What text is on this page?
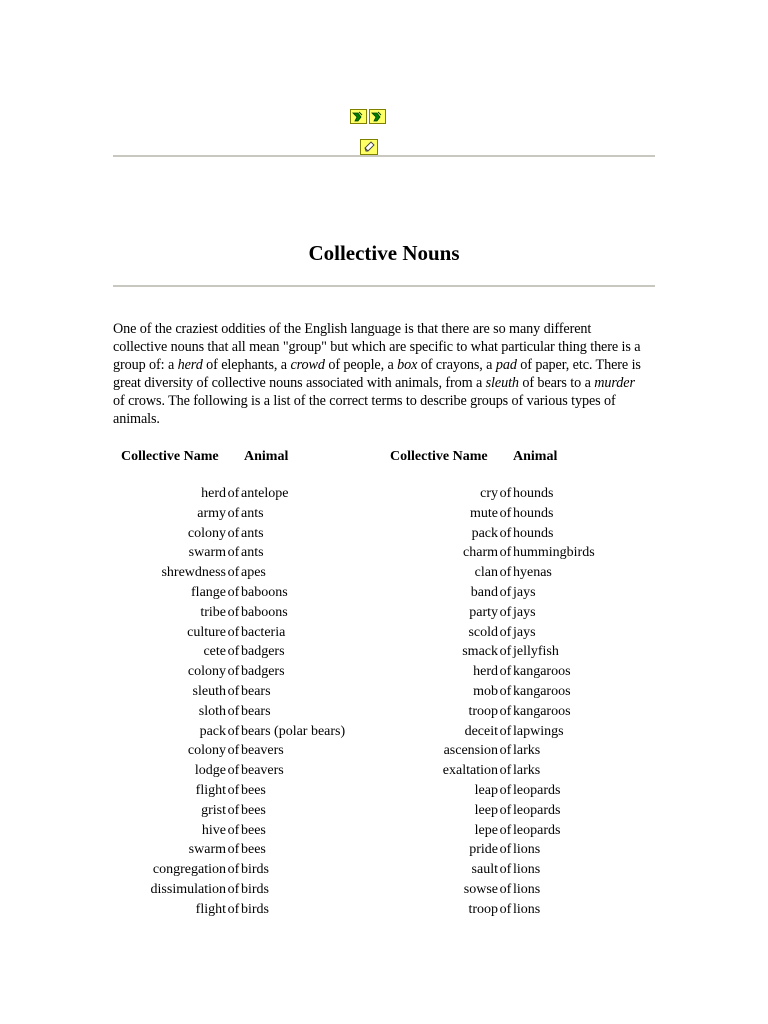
Collective Nouns

One of the craziest oddities of the English language is that there are so many different collective nouns that all mean "group" but which are specific to what particular thing there is a group of: a herd of elephants, a crowd of people, a box of crayons, a pad of paper, etc. There is great diversity of collective nouns associated with animals, from a sleuth of bears to a murder of crows. The following is a list of the correct terms to describe groups of various types of animals.

Collective Name Animal	Collective Name Animal
herd of antelope
army of ants
colony of ants
swarm of ants
shrewdness of apes
flange of baboons
tribe of baboons
culture of bacteria
cete of badgers
colony of badgers
sleuth of bears
sloth of bears
pack of bears (polar bears)
colony of beavers
lodge of beavers
flight of bees
grist of bees
hive of bees
swarm of bees
congregation of birds
dissimulation of birds
flight of birds
cry of hounds
mute of hounds
pack of hounds
charm of hummingbirds
clan of hyenas
band of jays
party of jays
scold of jays
smack of jellyfish
herd of kangaroos
mob of kangaroos
troop of kangaroos
deceit of lapwings
ascension of larks
exaltation of larks
leap of leopards
leep of leopards
lepe of leopards
pride of lions
sault of lions
sowse of lions
troop of lions
